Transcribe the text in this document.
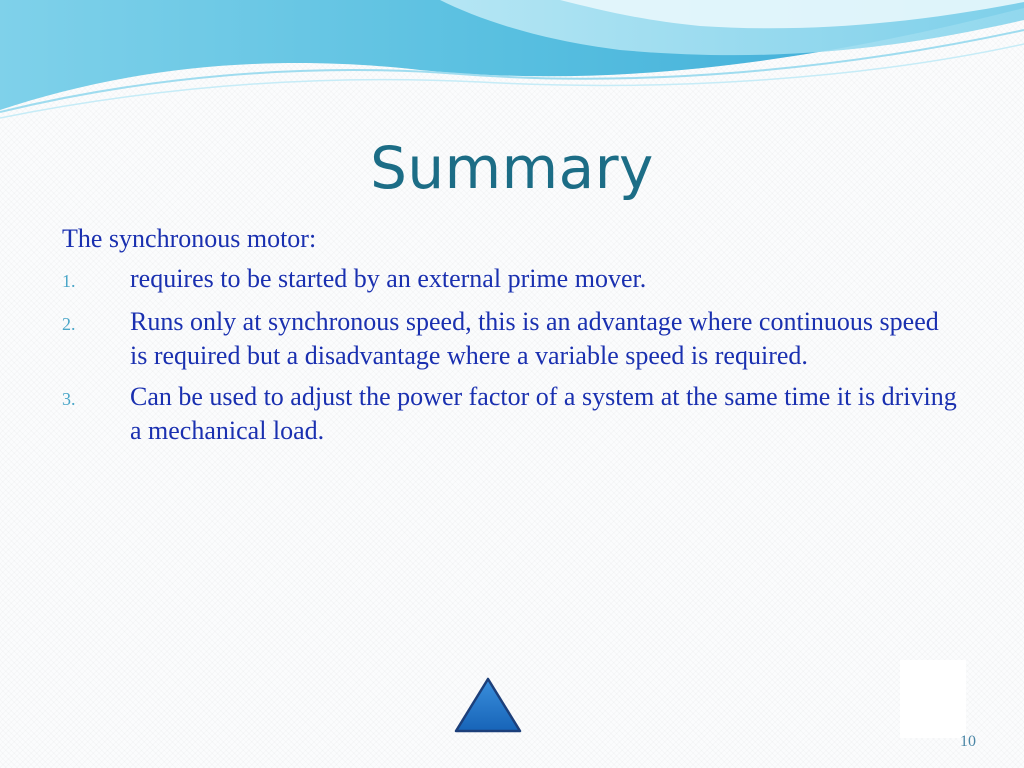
Summary

The synchronous motor:

1.	requires to be started by an external prime mover.
2.	Runs only at synchronous speed, this is an advantage where continuous speed is required but a disadvantage where a variable speed is required.
3.	Can be used to adjust the power factor of a system at the same time it is driving a mechanical load.
10
